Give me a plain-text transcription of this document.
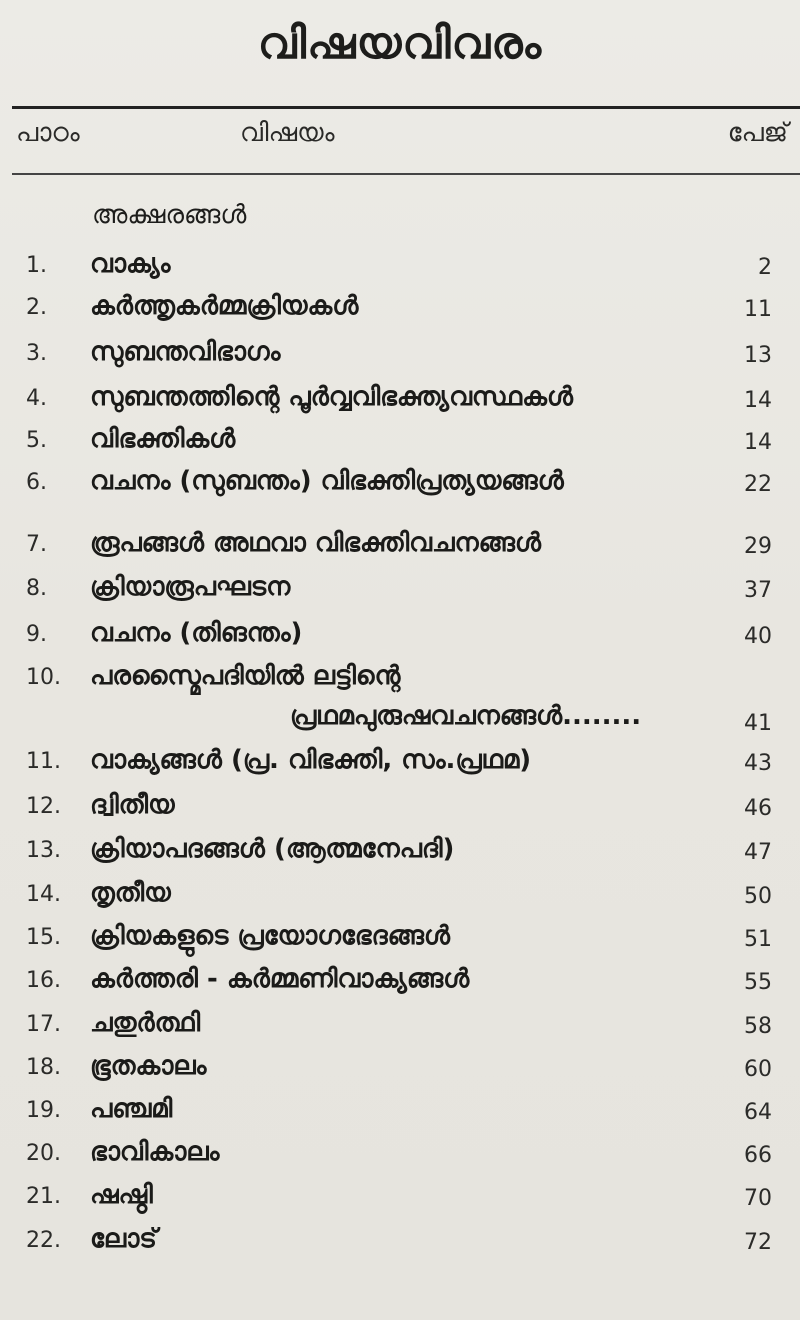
വിഷയവിവരം
പാഠം	വിഷയം	പേജ്
അക്ഷരങ്ങൾ
1. വാക്യം	2
2. കർത്തൃകർമ്മക്രിയകൾ	11
3. സുബന്തവിഭാഗം	13
4. സുബന്തത്തിന്റെ പൂർവ്വവിഭക്ത്യവസ്ഥകൾ	14
5. വിഭക്തികൾ	14
6. വചനം (സുബന്തം) വിഭക്തിപ്രത്യയങ്ങൾ	22
7. രൂപങ്ങൾ അഥവാ വിഭക്തിവചനങ്ങൾ	29
8. ക്രിയാരൂപഘടന	37
9. വചനം (തിങന്തം)	40
10. പരസ്മൈപദിയിൽ ലട്ടിന്റെ
പ്രഥമപുരുഷവചനങ്ങൾ........	41
11. വാക്യങ്ങൾ (പ്ര. വിഭക്തി, സം.പ്രഥമ)	43
12. ദ്വിതീയ	46
13. ക്രിയാപദങ്ങൾ (ആത്മനേപദി)	47
14. തൃതീയ	50
15. ക്രിയകളുടെ പ്രയോഗഭേദങ്ങൾ	51
16. കർത്തരി - കർമ്മണിവാക്യങ്ങൾ	55
17. ചതുർത്ഥി	58
18. ഭൂതകാലം	60
19. പഞ്ചമി	64
20. ഭാവികാലം	66
21. ഷഷ്ഠി	70
22. ലോട്	72
